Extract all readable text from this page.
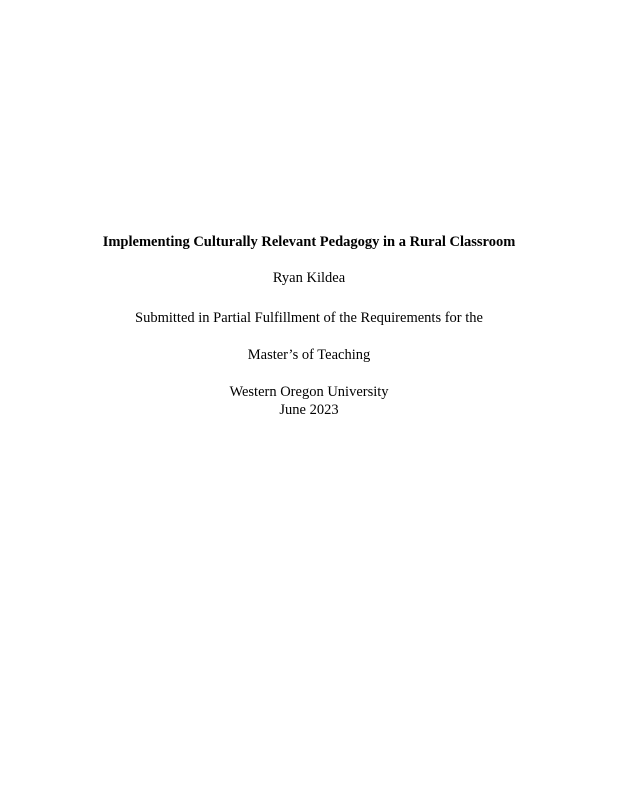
Implementing Culturally Relevant Pedagogy in a Rural Classroom
Ryan Kildea
Submitted in Partial Fulfillment of the Requirements for the
Master’s of Teaching
Western Oregon University
June 2023
